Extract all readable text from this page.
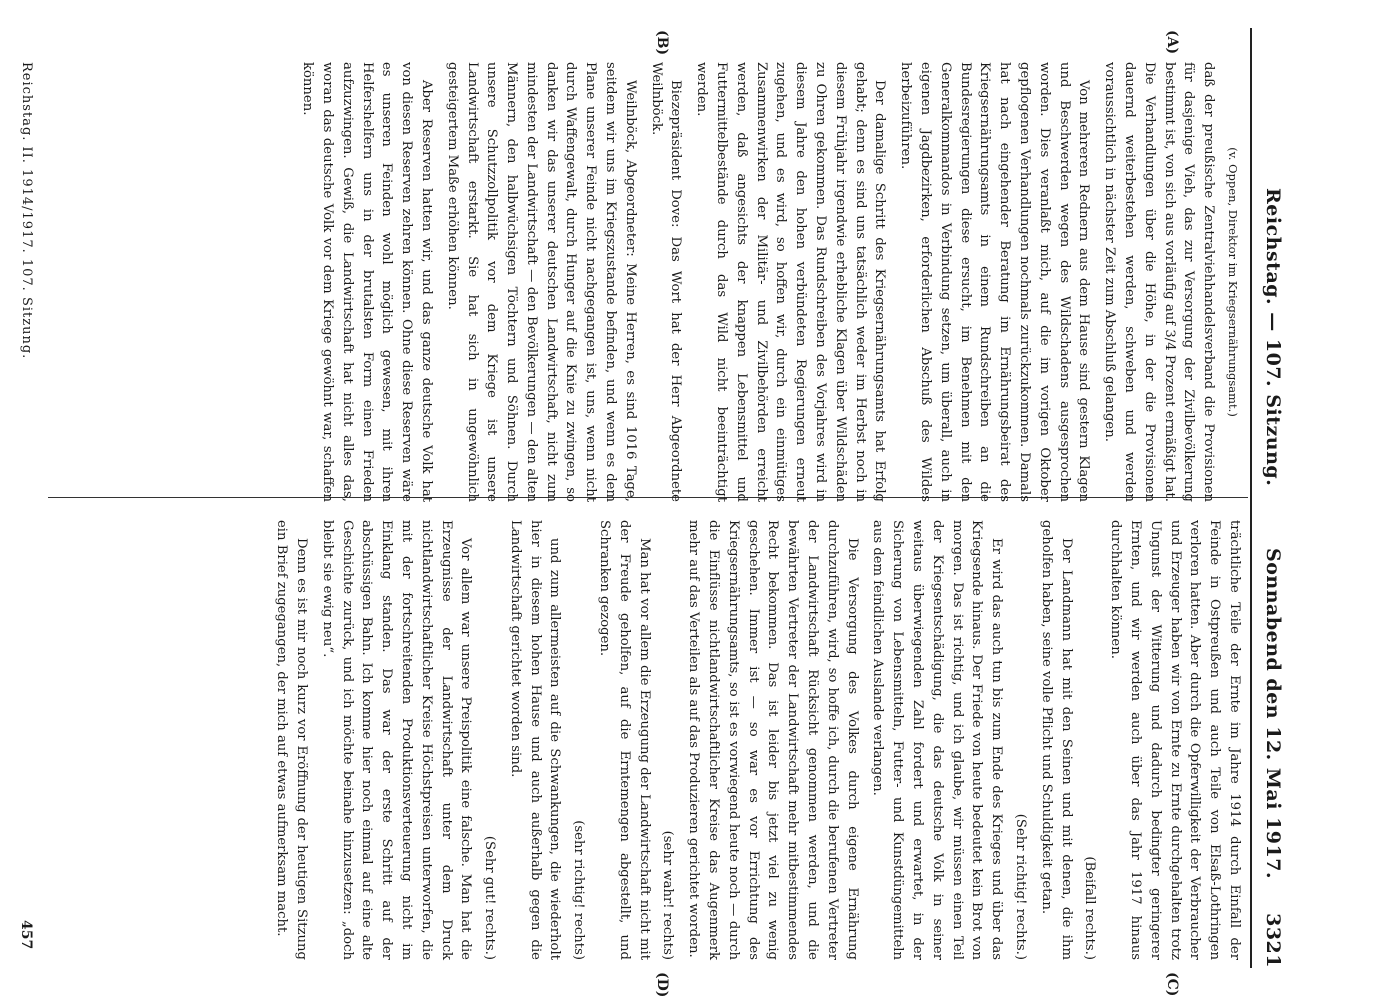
Reichstag. — 107. Sitzung.
Sonnabend den 12. Mai 1917.
3321
(A)
(B)
(C)
(D)

(v. Oppen, Direktor im Kriegsernährungsamt.)

daß der preußische Zentralviehhandelsverband die Provisionen für dasjenige Vieh, das zur Versorgung der Zivilbevölkerung bestimmt ist, von sich aus vorläufig auf 3/4 Prozent ermäßigt hat. Die Verhandlungen über die Höhe, in der die Provisionen dauernd weiterbestehen werden, schweben und werden voraussichtlich in nächster Zeit zum Abschluß gelangen.

Von mehreren Rednern aus dem Hause sind gestern Klagen und Beschwerden wegen des Wildschadens ausgesprochen worden. Dies veranlaßt mich, auf die im vorigen Oktober gepflogenen Verhandlungen nochmals zurückzukommen. Damals hat nach eingehender Beratung im Ernährungsbeirat des Kriegsernährungsamts in einem Rundschreiben an die Bundesregierungen diese ersucht, im Benehmen mit den Generalkommandos in Verbindung setzen, um überall, auch in eigenen Jagdbezirken, erforderlichen Abschuß des Wildes herbeizuführen.

Der damalige Schritt des Kriegsernährungsamts hat Erfolg gehabt; denn es sind uns tatsächlich weder im Herbst noch in diesem Frühjahr irgendwie erhebliche Klagen über Wildschäden zu Ohren gekommen. Das Rundschreiben des Vorjahres wird in diesem Jahre den hohen verbündeten Regierungen erneut zugehen, und es wird, so hoffen wir, durch ein einmütiges Zusammenwirken der Militär- und Zivilbehörden erreicht werden, daß angesichts der knappen Lebensmittel und Futtermittelbestände durch das Wild nicht beeinträchtigt werden.

Biezepräsident Dove: Das Wort hat der Herr Abgeordnete Weilnböck.

Weilnböck, Abgeordneter: Meine Herren, es sind 1016 Tage, seitdem wir uns im Kriegszustande befinden, und wenn es dem Plane unserer Feinde nicht nachgegangen ist, uns, wenn nicht durch Waffengewalt, durch Hunger auf die Knie zu zwingen, so danken wir das unserer deutschen Landwirtschaft, nicht zum mindesten der Landwirtschaft — den Bevölkerungen — den alten Männern, den halbwüchsigen Töchtern und Söhnen. Durch unsere Schutzzollpolitik vor dem Kriege ist unsere Landwirtschaft erstarkt. Sie hat sich in ungewöhnlich gesteigertem Maße erhöhen können.

Aber Reserven hatten wir, und das ganze deutsche Volk hat von diesen Reserven zehren können. Ohne diese Reserven wäre es unseren Feinden wohl möglich gewesen, mit ihren Helfershelfern uns in der brutalsten Form einen Frieden aufzuzwingen. Gewiß, die Landwirtschaft hat nicht alles das, woran das deutsche Volk vor dem Kriege gewöhnt war, schaffen können.

trächtliche Teile der Ernte im Jahre 1914 durch Einfall der Feinde in Ostpreußen und auch Teile von Elsaß-Lothringen verloren hatten. Aber durch die Opferwilligkeit der Verbraucher und Erzeuger haben wir von Ernte zu Ernte durchgehalten trotz Ungunst der Witterung und dadurch bedingter geringerer Ernten, und wir werden auch über das Jahr 1917 hinaus durchhalten können.

(Beifall rechts.)

Der Landmann hat mit den Seinen und mit denen, die ihm geholfen haben, seine volle Pflicht und Schuldigkeit getan.

(Sehr richtig! rechts.)

Er wird das auch tun bis zum Ende des Krieges und über das Kriegsende hinaus. Der Friede von heute bedeutet kein Brot von morgen. Das ist richtig, und ich glaube, wir müssen einen Teil der Kriegsentschädigung, die das deutsche Volk in seiner weitaus überwiegenden Zahl fordert und erwartet, in der Sicherung von Lebensmitteln, Futter- und Kunstdüngemitteln aus dem feindlichen Auslande verlangen.

Die Versorgung des Volkes durch eigene Ernährung durchzuführen, wird, so hoffe ich, durch die berufenen Vertreter der Landwirtschaft Rücksicht genommen werden, und die bewährten Vertreter der Landwirtschaft mehr mitbestimmendes Recht bekommen. Das ist leider bis jetzt viel zu wenig geschehen. Immer ist — so war es vor Errichtung des Kriegsernährungsamts, so ist es vorwiegend heute noch — durch die Einflüsse nichtlandwirtschaftlicher Kreise das Augenmerk mehr auf das Verteilen als auf das Produzieren gerichtet worden.

(sehr wahr! rechts)

Man hat vor allem die Erzeugung der Landwirtschaft nicht mit der Freude geholfen, auf die Erntemengen abgestellt, und Schranken gezogen.

(sehr richtig! rechts)

und zum allermeisten auf die Schwankungen, die wiederholt hier in diesem hohen Hause und auch außerhalb gegen die Landwirtschaft gerichtet worden sind.

(Sehr gut! rechts.)

Vor allem war unsere Preispolitik eine falsche. Man hat die Erzeugnisse der Landwirtschaft unter dem Druck nichtlandwirtschaftlicher Kreise Höchstpreisen unterworfen, die mit der fortschreitenden Produktionsverteuerung nicht im Einklang standen. Das war der erste Schritt auf der abschüssigen Bahn. Ich komme hier noch einmal auf eine alte Geschichte zurück, und ich möchte beinahe hinzusetzen: „doch bleibt sie ewig neu“.

Denn es ist mir noch kurz vor Eröffnung der heutigen Sitzung ein Brief zugegangen, der mich auf etwas aufmerksam macht.

Reichstag. II. 1914/1917. 107. Sitzung.
457
